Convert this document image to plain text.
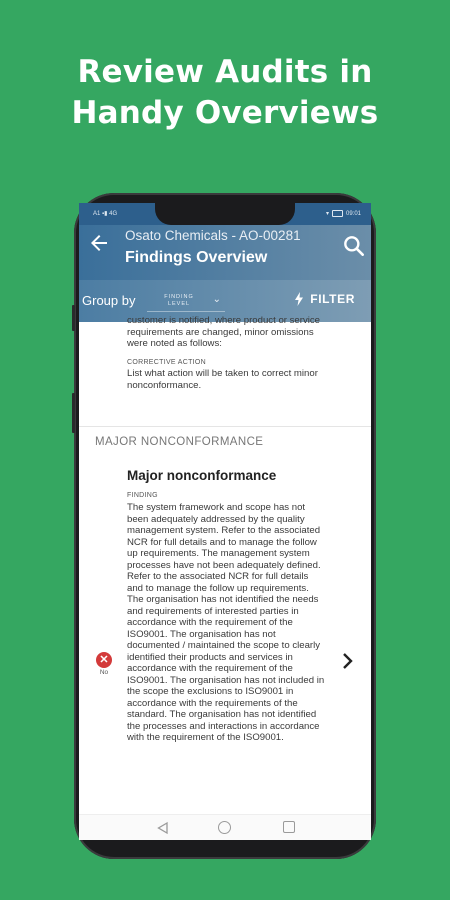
Review Audits in
Handy Overviews
A1 ▪▮ 4G	▾	09:01
Osato Chemicals - AO-00281
Findings Overview
Group by	FINDING
LEVEL	⌄	FILTER
customer is notified, where product or service requirements are changed, minor omissions were noted as follows:
CORRECTIVE ACTION
List what action will be taken to correct minor nonconformance.
MAJOR NONCONFORMANCE
Major nonconformance
FINDING
The system framework and scope has not been adequately addressed by the quality management system. Refer to the associated NCR for full details and to manage the follow up requirements. The management system processes have not been adequately defined. Refer to the associated NCR for full details and to manage the follow up requirements. The organisation has not identified the needs and requirements of interested parties in accordance with the requirement of the ISO9001. The organisation has not documented / maintained the scope to clearly identified their products and services in accordance with the requirement of the ISO9001. The organisation has not included in the scope the exclusions to ISO9001 in accordance with the requirements of the standard. The organisation has not identified the processes and interactions in accordance with the requirement of the ISO9001.
✕
No
